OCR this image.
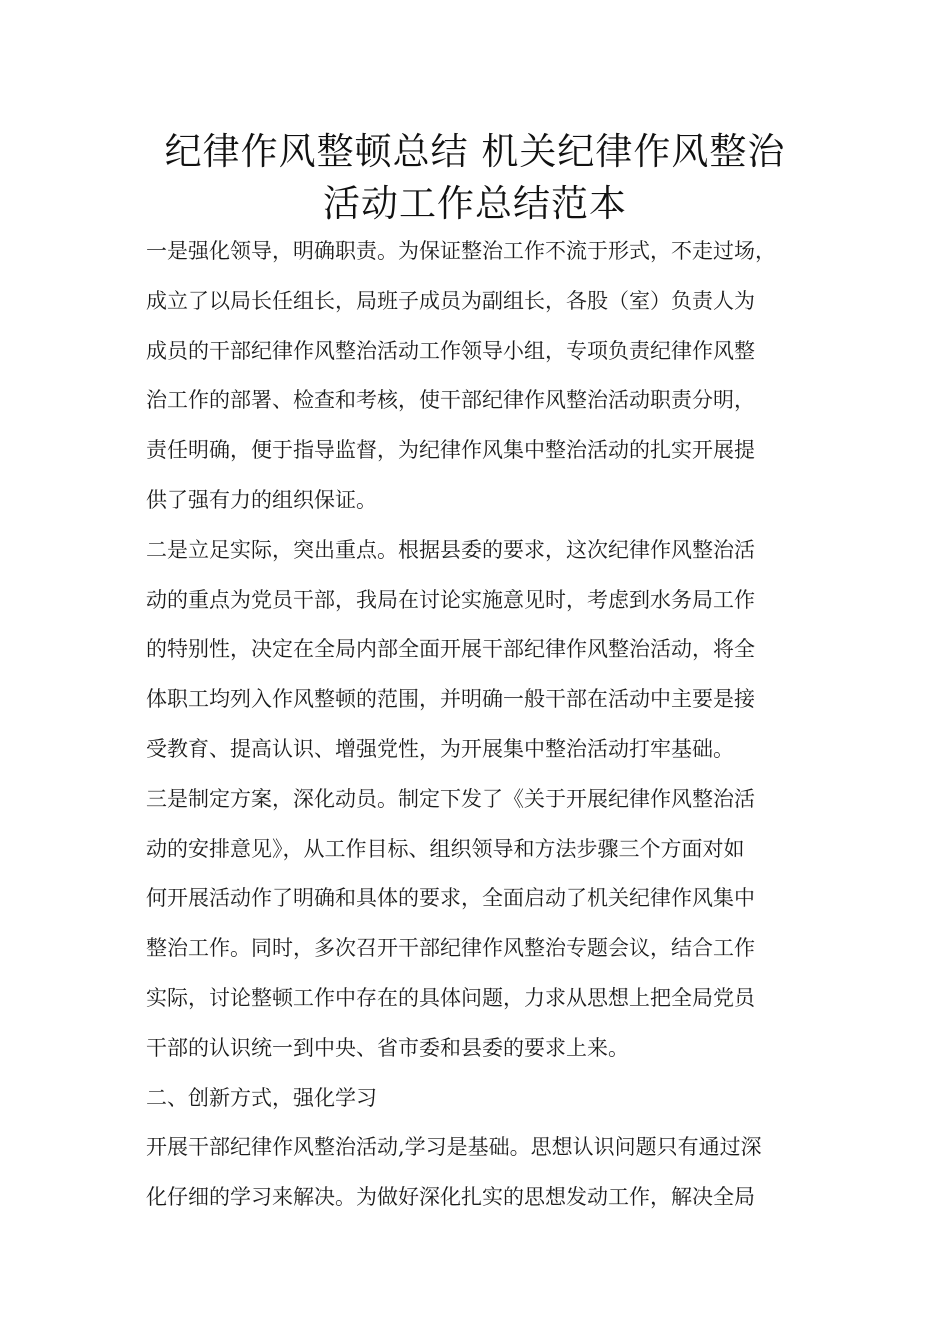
纪律作风整顿总结 机关纪律作风整治
活动工作总结范本
一是强化领导，明确职责。为保证整治工作不流于形式，不走过场，
成立了以局长任组长，局班子成员为副组长，各股（室）负责人为
成员的干部纪律作风整治活动工作领导小组，专项负责纪律作风整
治工作的部署、检查和考核，使干部纪律作风整治活动职责分明，
责任明确，便于指导监督，为纪律作风集中整治活动的扎实开展提
供了强有力的组织保证。
二是立足实际，突出重点。根据县委的要求，这次纪律作风整治活
动的重点为党员干部，我局在讨论实施意见时，考虑到水务局工作
的特别性，决定在全局内部全面开展干部纪律作风整治活动，将全
体职工均列入作风整顿的范围，并明确一般干部在活动中主要是接
受教育、提高认识、增强党性，为开展集中整治活动打牢基础。
三是制定方案，深化动员。制定下发了《关于开展纪律作风整治活
动的安排意见》，从工作目标、组织领导和方法步骤三个方面对如
何开展活动作了明确和具体的要求，全面启动了机关纪律作风集中
整治工作。同时，多次召开干部纪律作风整治专题会议，结合工作
实际，讨论整顿工作中存在的具体问题，力求从思想上把全局党员
干部的认识统一到中央、省市委和县委的要求上来。
二、创新方式，强化学习
开展干部纪律作风整治活动,学习是基础。思想认识问题只有通过深
化仔细的学习来解决。为做好深化扎实的思想发动工作，解决全局
